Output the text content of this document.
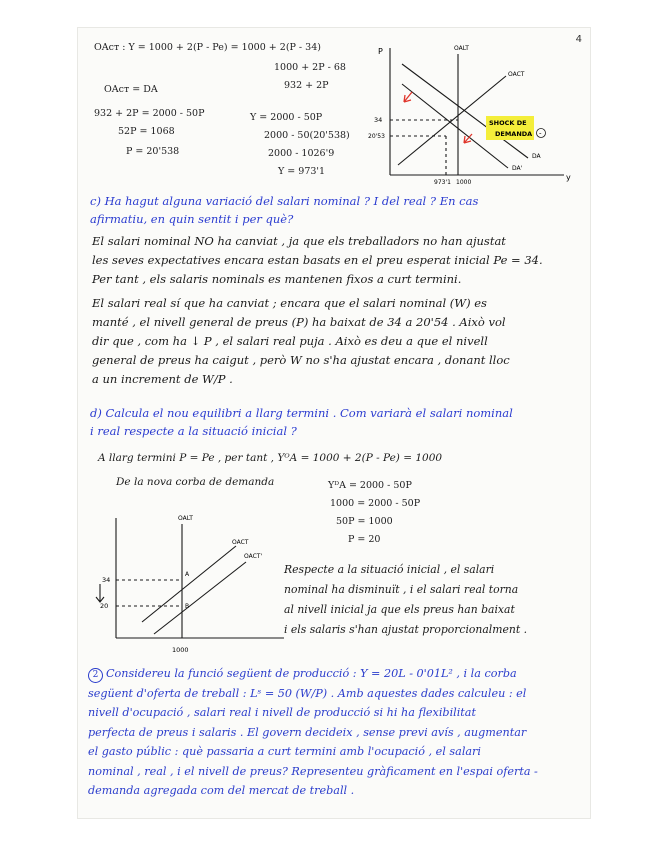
4
OAcᴛ : Y = 1000 + 2(P - Pe) = 1000 + 2(P - 34)
1000 + 2P - 68
932 + 2P
OAcᴛ = DA
932 + 2P = 2000 - 50P
52P = 1068
P = 20'538
Y = 2000 - 50P
2000 - 50(20'538)
2000 - 1026'9
Y = 973'1
P
y
OALT
OACT
DA
DA'
34
20'53
973'1 1000
SHOCK DE
DEMANDA -
c) Ha hagut alguna variació del salari nominal ? I del real ? En cas
afirmatiu, en quin sentit i per què?
El salari nominal NO ha canviat , ja que els treballadors no han ajustat
les seves expectatives encara estan basats en el preu esperat inicial Pe = 34.
Per tant , els salaris nominals es mantenen fixos a curt termini.
El salari real sí que ha canviat ; encara que el salari nominal (W) es
manté , el nivell general de preus (P) ha baixat de 34 a 20'54 . Això vol
dir que , com ha ↓ P , el salari real puja . Això es deu a que el nivell
general de preus ha caigut , però W no s'ha ajustat encara , donant lloc
a un increment de W/P .
d) Calcula el nou equilibri a llarg termini . Com variarà el salari nominal
i real respecte a la situació inicial ?
A llarg termini P = Pe , per tant , YᴼA = 1000 + 2(P - Pe) = 1000
De la nova corba de demanda	YᴰA = 2000 - 50P
1000 = 2000 - 50P
50P = 1000
P = 20
OALT
OACT
OACT'
34
20
A
B
1000
Respecte a la situació inicial , el salari
nominal ha disminuït , i el salari real torna
al nivell inicial ja que els preus han baixat
i els salaris s'han ajustat proporcionalment .
2 Considereu la funció següent de producció : Y = 20L - 0'01L² , i la corba
següent d'oferta de treball : Lˢ = 50 (W/P) . Amb aquestes dades calculeu : el
nivell d'ocupació , salari real i nivell de producció si hi ha flexibilitat
perfecta de preus i salaris . El govern decideix , sense previ avís , augmentar
el gasto públic : què passaria a curt termini amb l'ocupació , el salari
nominal , real , i el nivell de preus? Representeu gràficament en l'espai oferta -
demanda agregada com del mercat de treball .
